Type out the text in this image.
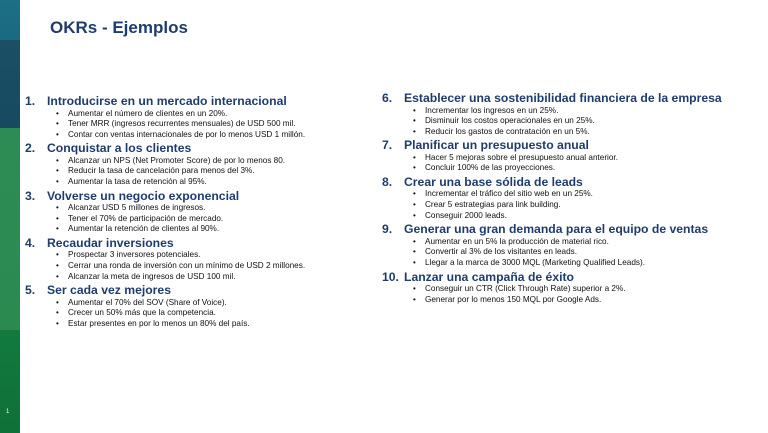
1
OKRs - Ejemplos
1. Introducirse en un mercado internacional
• Aumentar el número de clientes en un 20%.
• Tener MRR (ingresos recurrentes mensuales) de USD 500 mil.
• Contar con ventas internacionales de por lo menos USD 1 millón.
2. Conquistar a los clientes
• Alcanzar un NPS (Net Promoter Score) de por lo menos 80.
• Reducir la tasa de cancelación para menos del 3%.
• Aumentar la tasa de retención al 95%.
3. Volverse un negocio exponencial
• Alcanzar USD 5 millones de ingresos.
• Tener el 70% de participación de mercado.
• Aumentar la retención de clientes al 90%.
4. Recaudar inversiones
• Prospectar 3 inversores potenciales.
• Cerrar una ronda de inversión con un mínimo de USD 2 millones.
• Alcanzar la meta de ingresos de USD 100 mil.
5. Ser cada vez mejores
• Aumentar el 70% del SOV (Share of Voice).
• Crecer un 50% más que la competencia.
• Estar presentes en por lo menos un 80% del país.
6. Establecer una sostenibilidad financiera de la empresa
• Incrementar los ingresos en un 25%.
• Disminuir los costos operacionales en un 25%.
• Reducir los gastos de contratación en un 5%.
7. Planificar un presupuesto anual
• Hacer 5 mejoras sobre el presupuesto anual anterior.
• Concluir 100% de las proyecciones.
8. Crear una base sólida de leads
• Incrementar el tráfico del sitio web en un 25%.
• Crear 5 estrategias para link building.
• Conseguir 2000 leads.
9. Generar una gran demanda para el equipo de ventas
• Aumentar en un 5% la producción de material rico.
• Convertir al 3% de los visitantes en leads.
• Llegar a la marca de 3000 MQL (Marketing Qualified Leads).
10. Lanzar una campaña de éxito
• Conseguir un CTR (Click Through Rate) superior a 2%.
• Generar por lo menos 150 MQL por Google Ads.
